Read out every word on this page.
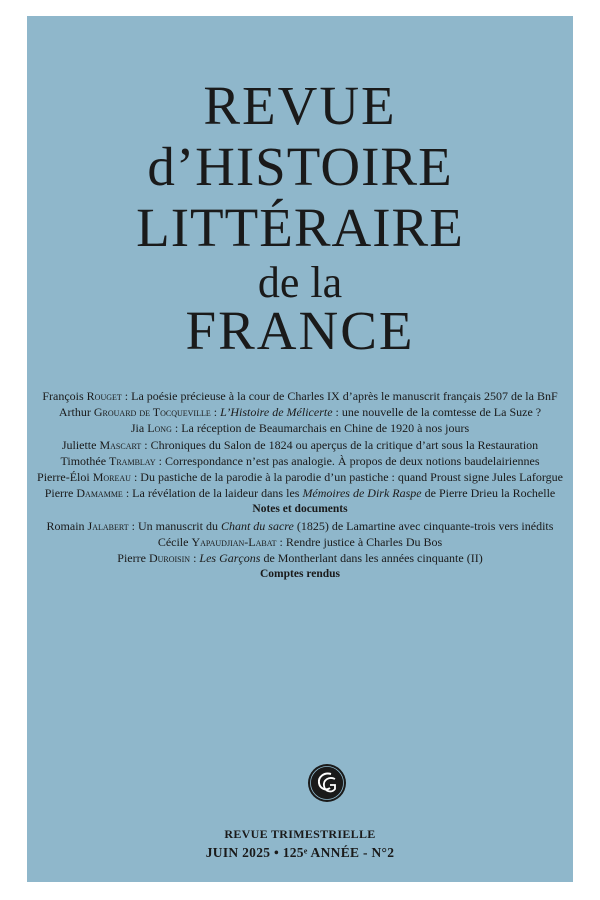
REVUE
d’HISTOIRE
LITTÉRAIRE
de la
FRANCE
François Rouget : La poésie précieuse à la cour de Charles IX d’après le manuscrit français 2507 de la BnF
Arthur Grouard de Tocqueville : L’Histoire de Mélicerte : une nouvelle de la comtesse de La Suze ?
Jia Long : La réception de Beaumarchais en Chine de 1920 à nos jours
Juliette Mascart : Chroniques du Salon de 1824 ou aperçus de la critique d’art sous la Restauration
Timothée Tramblay : Correspondance n’est pas analogie. À propos de deux notions baudelairiennes
Pierre-Éloi Moreau : Du pastiche de la parodie à la parodie d’un pastiche : quand Proust signe Jules Laforgue
Pierre Damamme : La révélation de la laideur dans les Mémoires de Dirk Raspe de Pierre Drieu la Rochelle
Notes et documents
Romain Jalabert : Un manuscrit du Chant du sacre (1825) de Lamartine avec cinquante-trois vers inédits
Cécile Yapaudjian-Labat : Rendre justice à Charles Du Bos
Pierre Duroisin : Les Garçons de Montherlant dans les années cinquante (II)
Comptes rendus
REVUE TRIMESTRIELLE
JUIN 2025 • 125ᵉ ANNÉE - N°2
